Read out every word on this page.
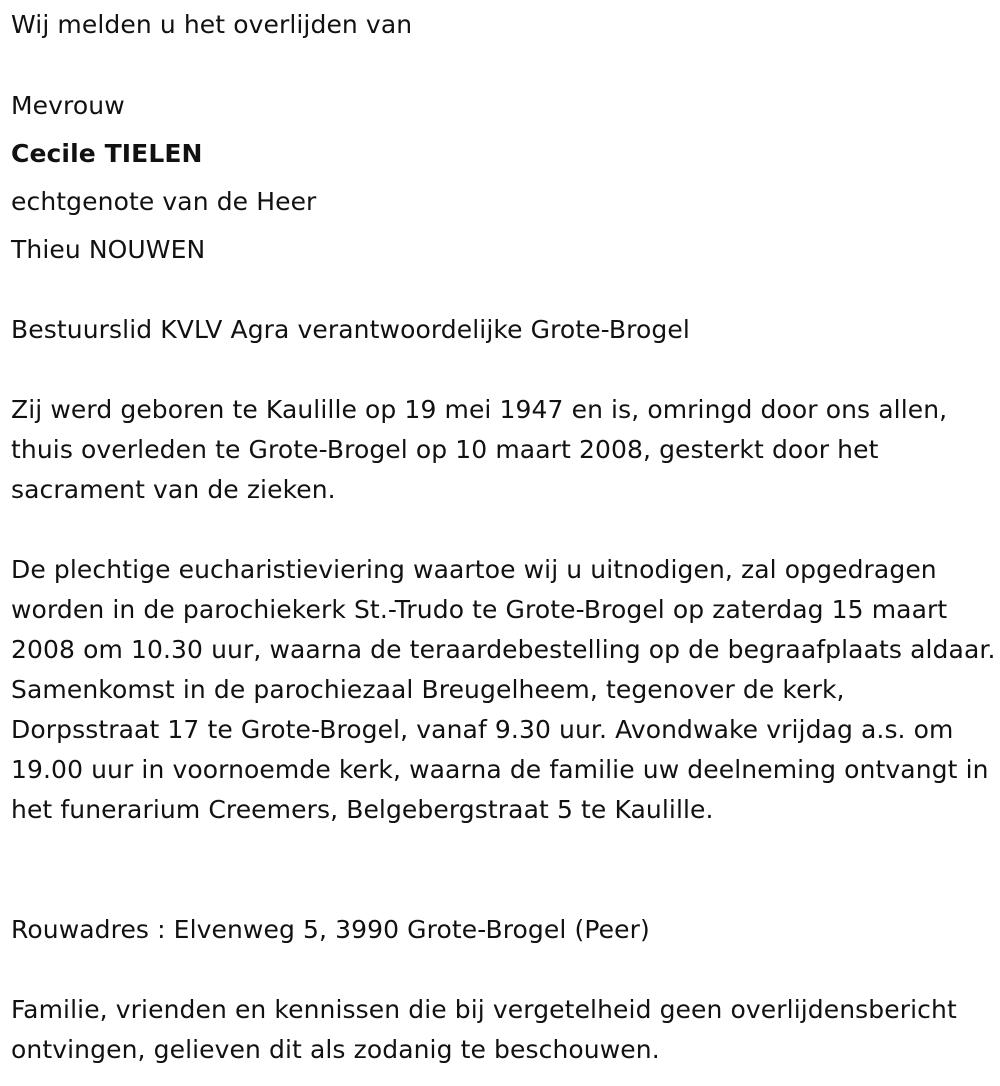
Wij melden u het overlijden van
Mevrouw
Cecile TIELEN
echtgenote van de Heer
Thieu NOUWEN
Bestuurslid KVLV Agra verantwoordelijke Grote-Brogel
Zij werd geboren te Kaulille op 19 mei 1947 en is, omringd door ons allen, thuis overleden te Grote-Brogel op 10 maart 2008, gesterkt door het sacrament van de zieken.
De plechtige eucharistieviering waartoe wij u uitnodigen, zal opgedragen worden in de parochiekerk St.-Trudo te Grote-Brogel op zaterdag 15 maart 2008 om 10.30 uur, waarna de teraardebestelling op de begraafplaats aldaar. Samenkomst in de parochiezaal Breugelheem, tegenover de kerk, Dorpsstraat 17 te Grote-Brogel, vanaf 9.30 uur. Avondwake vrijdag a.s. om 19.00 uur in voornoemde kerk, waarna de familie uw deelneming ontvangt in het funerarium Creemers, Belgebergstraat 5 te Kaulille.
Rouwadres : Elvenweg 5, 3990 Grote-Brogel (Peer)
Familie, vrienden en kennissen die bij vergetelheid geen overlijdensbericht ontvingen, gelieven dit als zodanig te beschouwen.
